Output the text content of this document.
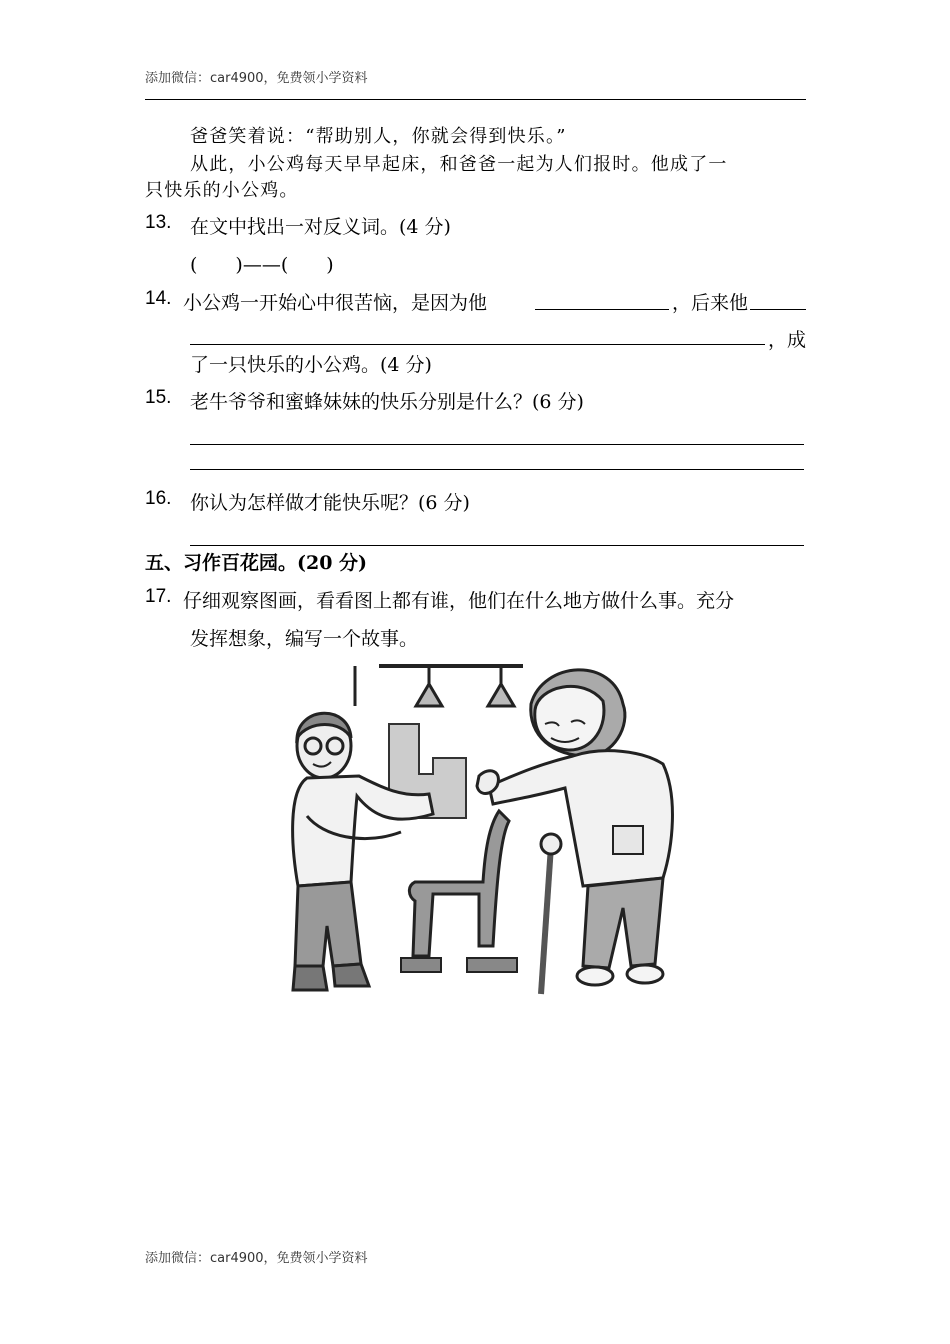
添加微信：car4900，免费领小学资料
爸爸笑着说：“帮助别人，你就会得到快乐。”
从此，小公鸡每天早早起床，和爸爸一起为人们报时。他成了一
只快乐的小公鸡。
13. 在文中找出一对反义词。(4 分)
(　　)——(　　)
14. 小公鸡一开始心中很苦恼，是因为他	，后来他
，成
了一只快乐的小公鸡。(4 分)
15. 老牛爷爷和蜜蜂妹妹的快乐分别是什么？(6 分)
16. 你认为怎样做才能快乐呢？(6 分)
五、习作百花园。(20 分)
17. 仔细观察图画，看看图上都有谁，他们在什么地方做什么事。充分
发挥想象，编写一个故事。
添加微信：car4900，免费领小学资料
